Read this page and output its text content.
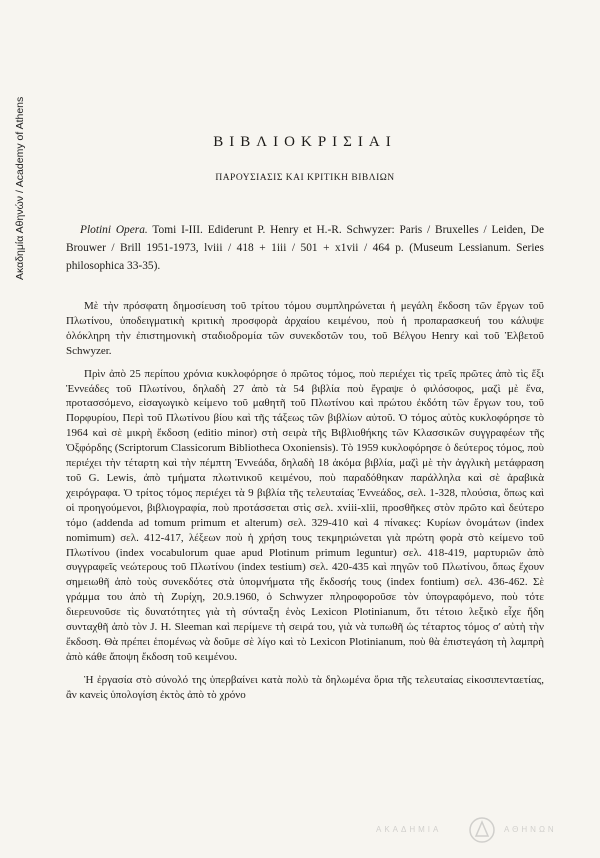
Ακαδημία Αθηνών / Academy of Athens	ΒΙΒΛΙΟΚΡΙΣΙΑΙ
ΠΑΡΟΥΣΙΑΣΙΣ ΚΑΙ ΚΡΙΤΙΚΗ ΒΙΒΛΙΩΝ
Plotini Opera. Tomi I-III. Ediderunt P. Henry et H.-R. Schwyzer: Paris / Bruxelles / Leiden, De Brouwer / Brill 1951-1973, lviii / 418 + 1iii / 501 + x1vii / 464 p. (Museum Lessianum. Series philosophica 33-35).

Μὲ τὴν πρόσφατη δημοσίευση τοῦ τρίτου τόμου συμπληρώνεται ἡ μεγάλη ἔκδοση τῶν ἔργων τοῦ Πλωτίνου, ὑποδειγματικὴ κριτικὴ προσφορὰ ἀρχαίου κειμένου, ποὺ ἡ προπαρασκευή του κάλυψε ὁλόκληρη τὴν ἐπιστημονικὴ σταδιοδρομία τῶν συνεκδοτῶν του, τοῦ Βέλγου Henry καὶ τοῦ Ἑλβετοῦ Schwyzer.

Πρὶν ἀπὸ 25 περίπου χρόνια κυκλοφόρησε ὁ πρῶτος τόμος, ποὺ περιέχει τὶς τρεῖς πρῶτες ἀπὸ τὶς ἕξι Ἐννεάδες τοῦ Πλωτίνου, δηλαδὴ 27 ἀπὸ τὰ 54 βιβλία ποὺ ἔγραψε ὁ φιλόσοφος, μαζὶ μὲ ἕνα, προτασσόμενο, εἰσαγωγικὸ κείμενο τοῦ μαθητῆ τοῦ Πλωτίνου καὶ πρώτου ἐκδότη τῶν ἔργων του, τοῦ Πορφυρίου, Περὶ τοῦ Πλωτίνου βίου καὶ τῆς τάξεως τῶν βιβλίων αὐτοῦ. Ὁ τόμος αὐτὸς κυκλοφόρησε τὸ 1964 καὶ σὲ μικρὴ ἔκδοση (editio minor) στὴ σειρὰ τῆς Βιβλιοθήκης τῶν Κλασσικῶν συγγραφέων τῆς Ὀξφόρδης (Scriptorum Classicorum Bibliotheca Oxoniensis). Τὸ 1959 κυκλοφόρησε ὁ δεύτερος τόμος, ποὺ περιέχει τὴν τέταρτη καὶ τὴν πέμπτη Ἐννεάδα, δηλαδὴ 18 ἀκόμα βιβλία, μαζὶ μὲ τὴν ἀγγλικὴ μετάφραση τοῦ G. Lewis, ἀπὸ τμήματα πλωτινικοῦ κειμένου, ποὺ παραδόθηκαν παράλληλα καὶ σὲ ἀραβικὰ χειρόγραφα. Ὁ τρίτος τόμος περιέχει τὰ 9 βιβλία τῆς τελευταίας Ἐννεάδος, σελ. 1-328, πλούσια, ὅπως καὶ οἱ προηγούμενοι, βιβλιογραφία, ποὺ προτάσσεται στὶς σελ. xviii-xlii, προσθῆκες στὸν πρῶτο καὶ δεύτερο τόμο (addenda ad tomum primum et alterum) σελ. 329-410 καὶ 4 πίνακες: Κυρίων ὀνομάτων (index nomimum) σελ. 412-417, λέξεων ποὺ ἡ χρήση τους τεκμηριώνεται γιὰ πρώτη φορὰ στὸ κείμενο τοῦ Πλωτίνου (index vocabulorum quae apud Plotinum primum leguntur) σελ. 418-419, μαρτυριῶν ἀπὸ συγγραφεῖς νεώτερους τοῦ Πλωτίνου (index testium) σελ. 420-435 καὶ πηγῶν τοῦ Πλωτίνου, ὅπως ἔχουν σημειωθῆ ἀπὸ τοὺς συνεκδότες στὰ ὑπομνήματα τῆς ἔκδοσής τους (index fontium) σελ. 436-462. Σὲ γράμμα του ἀπὸ τὴ Ζυρίχη, 20.9.1960, ὁ Schwyzer πληροφοροῦσε τὸν ὑπογραφόμενο, ποὺ τότε διερευνοῦσε τὶς δυνατότητες γιὰ τὴ σύνταξη ἑνὸς Lexicon Plotinianum, ὅτι τέτοιο λεξικὸ εἶχε ἤδη συνταχθῆ ἀπὸ τὸν J. H. Sleeman καὶ περίμενε τὴ σειρά του, γιὰ νὰ τυπωθῆ ὡς τέταρτος τόμος σ' αὐτὴ τὴν ἔκδοση. Θὰ πρέπει ἑπομένως νὰ δοῦμε σὲ λίγο καὶ τὸ Lexicon Plotinianum, ποὺ θὰ ἐπιστεγάση τὴ λαμπρὴ ἀπὸ κάθε ἄποψη ἔκδοση τοῦ κειμένου.

Ἡ ἐργασία στὸ σύνολό της ὑπερβαίνει κατὰ πολὺ τὰ δηλωμένα ὅρια τῆς τελευταίας εἰκοσιπενταετίας, ἂν κανεὶς ὑπολογίση ἐκτὸς ἀπὸ τὸ χρόνο

ΑΚΑΔΗΜΙΑ	ΑΘΗΝΩΝ
